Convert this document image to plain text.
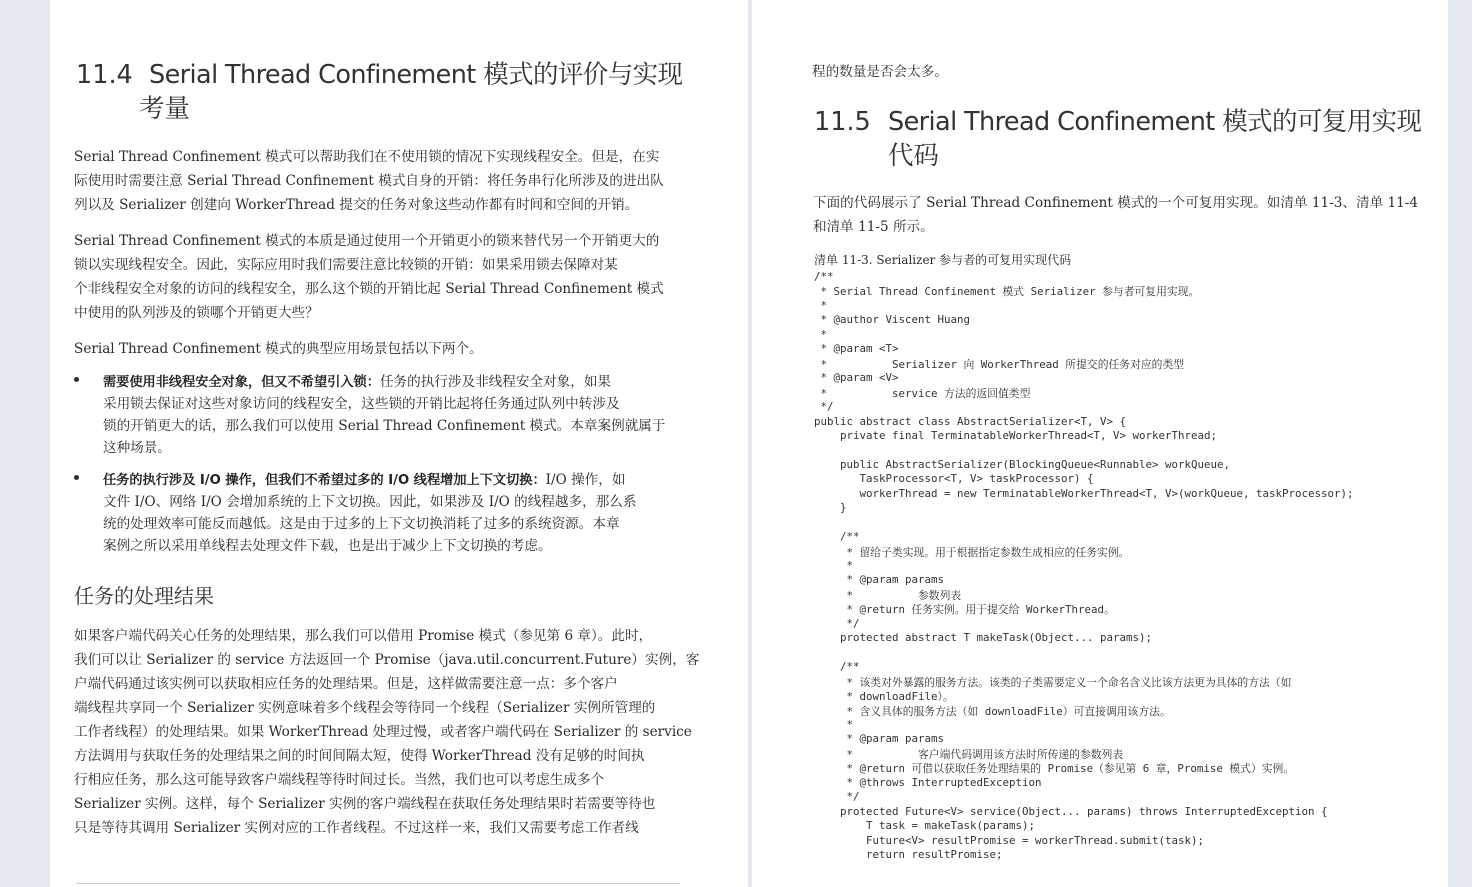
11.4 Serial Thread Confinement 模式的评价与实现
考量
Serial Thread Confinement 模式可以帮助我们在不使用锁的情况下实现线程安全。但是，在实
际使用时需要注意 Serial Thread Confinement 模式自身的开销：将任务串行化所涉及的进出队
列以及 Serializer 创建向 WorkerThread 提交的任务对象这些动作都有时间和空间的开销。
Serial Thread Confinement 模式的本质是通过使用一个开销更小的锁来替代另一个开销更大的
锁以实现线程安全。因此，实际应用时我们需要注意比较锁的开销：如果采用锁去保障对某
个非线程安全对象的访问的线程安全，那么这个锁的开销比起 Serial Thread Confinement 模式
中使用的队列涉及的锁哪个开销更大些？
Serial Thread Confinement 模式的典型应用场景包括以下两个。
需要使用非线程安全对象，但又不希望引入锁：任务的执行涉及非线程安全对象，如果
采用锁去保证对这些对象访问的线程安全，这些锁的开销比起将任务通过队列中转涉及
锁的开销更大的话，那么我们可以使用 Serial Thread Confinement 模式。本章案例就属于
这种场景。
任务的执行涉及 I/O 操作，但我们不希望过多的 I/O 线程增加上下文切换：I/O 操作，如
文件 I/O、网络 I/O 会增加系统的上下文切换。因此，如果涉及 I/O 的线程越多，那么系
统的处理效率可能反而越低。这是由于过多的上下文切换消耗了过多的系统资源。本章
案例之所以采用单线程去处理文件下载，也是出于减少上下文切换的考虑。
任务的处理结果
如果客户端代码关心任务的处理结果，那么我们可以借用 Promise 模式（参见第 6 章）。此时，
我们可以让 Serializer 的 service 方法返回一个 Promise（java.util.concurrent.Future）实例，客
户端代码通过该实例可以获取相应任务的处理结果。但是，这样做需要注意一点：多个客户
端线程共享同一个 Serializer 实例意味着多个线程会等待同一个线程（Serializer 实例所管理的
工作者线程）的处理结果。如果 WorkerThread 处理过慢，或者客户端代码在 Serializer 的 service
方法调用与获取任务的处理结果之间的时间间隔太短，使得 WorkerThread 没有足够的时间执
行相应任务，那么这可能导致客户端线程等待时间过长。当然，我们也可以考虑生成多个
Serializer 实例。这样，每个 Serializer 实例的客户端线程在获取任务处理结果时若需要等待也
只是等待其调用 Serializer 实例对应的工作者线程。不过这样一来，我们又需要考虑工作者线
程的数量是否会太多。
11.5 Serial Thread Confinement 模式的可复用实现
代码
下面的代码展示了 Serial Thread Confinement 模式的一个可复用实现。如清单 11-3、清单 11-4
和清单 11-5 所示。
清单 11-3. Serializer 参与者的可复用实现代码
/**
* Serial Thread Confinement 模式 Serializer 参与者可复用实现。
*
* @author Viscent Huang
*
* @param <T>
*          Serializer 向 WorkerThread 所提交的任务对应的类型
* @param <V>
*          service 方法的返回值类型
*/
public abstract class AbstractSerializer<T, V> {
private final TerminatableWorkerThread<T, V> workerThread;
public AbstractSerializer(BlockingQueue<Runnable> workQueue,
TaskProcessor<T, V> taskProcessor) {
workerThread = new TerminatableWorkerThread<T, V>(workQueue, taskProcessor);
}
/**
* 留给子类实现。用于根据指定参数生成相应的任务实例。
*
* @param params
*          参数列表
* @return 任务实例。用于提交给 WorkerThread。
*/
protected abstract T makeTask(Object... params);
/**
* 该类对外暴露的服务方法。该类的子类需要定义一个命名含义比该方法更为具体的方法（如
* downloadFile）。
* 含义具体的服务方法（如 downloadFile）可直接调用该方法。
*
* @param params
*          客户端代码调用该方法时所传递的参数列表
* @return 可借以获取任务处理结果的 Promise（参见第 6 章，Promise 模式）实例。
* @throws InterruptedException
*/
protected Future<V> service(Object... params) throws InterruptedException {
T task = makeTask(params);
Future<V> resultPromise = workerThread.submit(task);
return resultPromise;
